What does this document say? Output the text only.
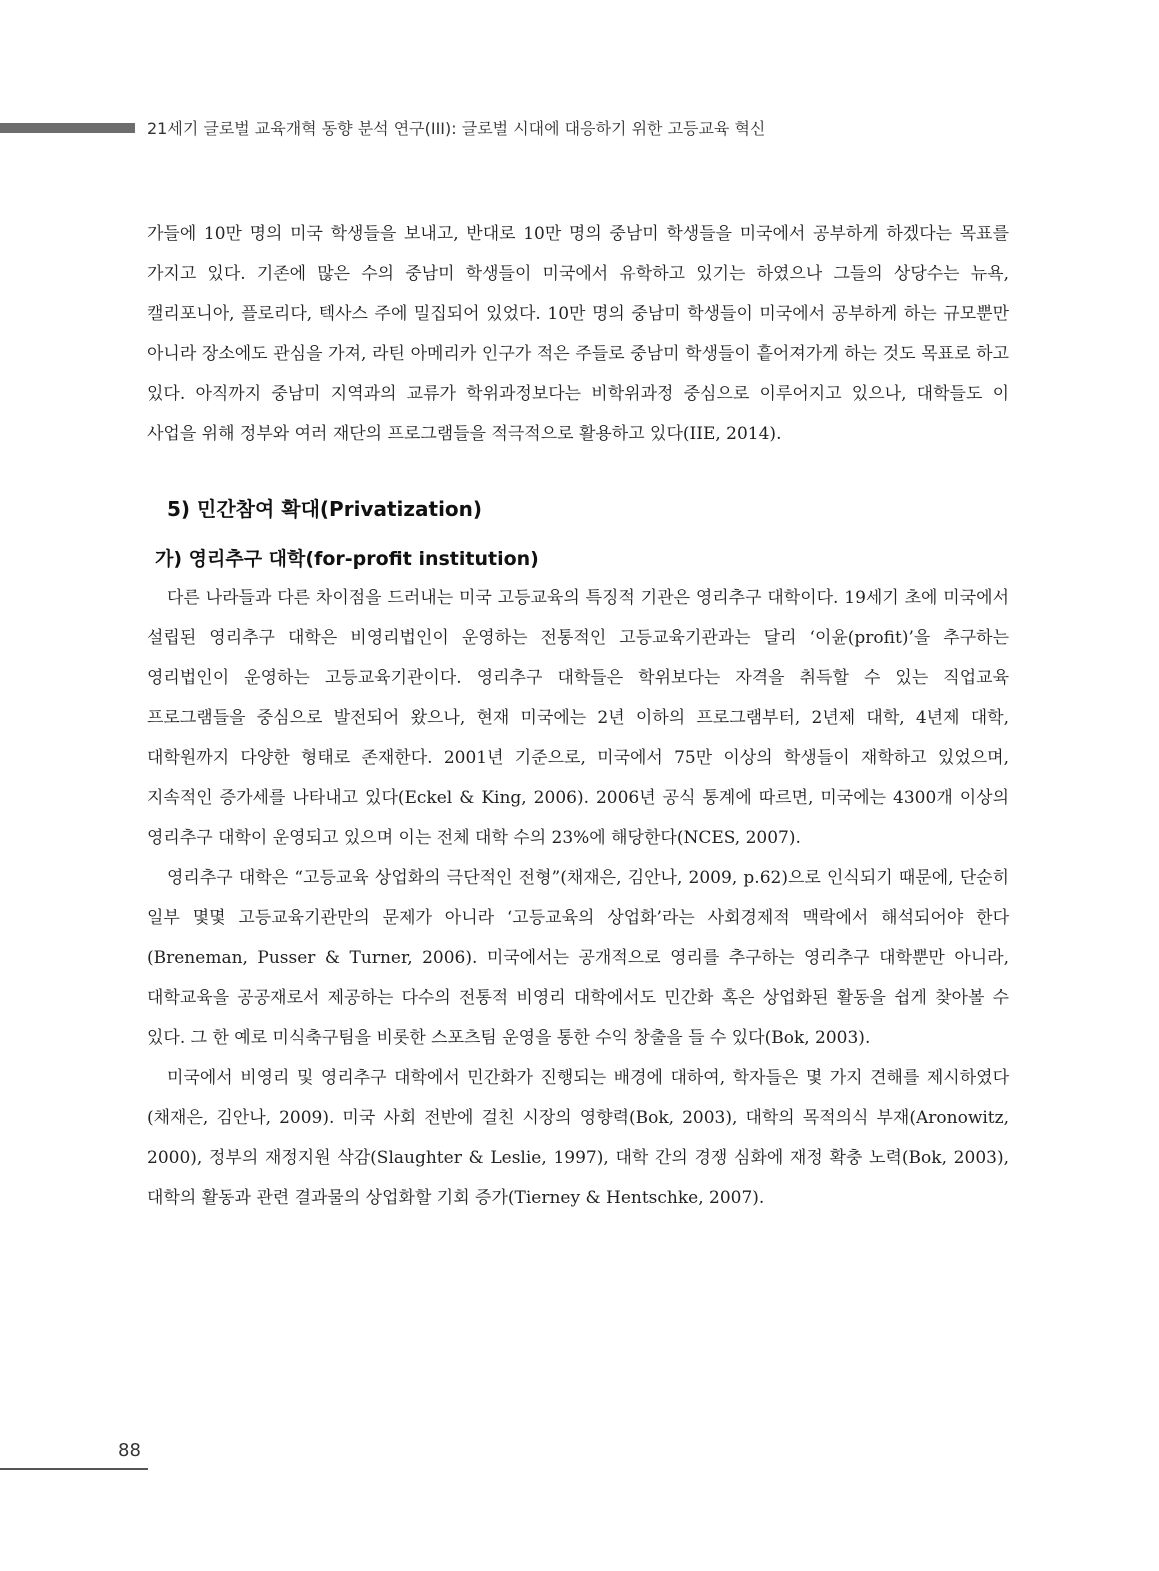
21세기 글로벌 교육개혁 동향 분석 연구(III): 글로벌 시대에 대응하기 위한 고등교육 혁신

가들에 10만 명의 미국 학생들을 보내고, 반대로 10만 명의 중남미 학생들을 미국에서 공부하게 하겠다는 목표를 가지고 있다. 기존에 많은 수의 중남미 학생들이 미국에서 유학하고 있기는 하였으나 그들의 상당수는 뉴욕, 캘리포니아, 플로리다, 텍사스 주에 밀집되어 있었다. 10만 명의 중남미 학생들이 미국에서 공부하게 하는 규모뿐만 아니라 장소에도 관심을 가져, 라틴 아메리카 인구가 적은 주들로 중남미 학생들이 흩어져가게 하는 것도 목표로 하고 있다. 아직까지 중남미 지역과의 교류가 학위과정보다는 비학위과정 중심으로 이루어지고 있으나, 대학들도 이 사업을 위해 정부와 여러 재단의 프로그램들을 적극적으로 활용하고 있다(IIE, 2014).

5) 민간참여 확대(Privatization)
가) 영리추구 대학(for-profit institution)

다른 나라들과 다른 차이점을 드러내는 미국 고등교육의 특징적 기관은 영리추구 대학이다. 19세기 초에 미국에서 설립된 영리추구 대학은 비영리법인이 운영하는 전통적인 고등교육기관과는 달리 ‘이윤(profit)’을 추구하는 영리법인이 운영하는 고등교육기관이다. 영리추구 대학들은 학위보다는 자격을 취득할 수 있는 직업교육 프로그램들을 중심으로 발전되어 왔으나, 현재 미국에는 2년 이하의 프로그램부터, 2년제 대학, 4년제 대학, 대학원까지 다양한 형태로 존재한다. 2001년 기준으로, 미국에서 75만 이상의 학생들이 재학하고 있었으며, 지속적인 증가세를 나타내고 있다(Eckel & King, 2006). 2006년 공식 통계에 따르면, 미국에는 4300개 이상의 영리추구 대학이 운영되고 있으며 이는 전체 대학 수의 23%에 해당한다(NCES, 2007).

영리추구 대학은 “고등교육 상업화의 극단적인 전형”(채재은, 김안나, 2009, p.62)으로 인식되기 때문에, 단순히 일부 몇몇 고등교육기관만의 문제가 아니라 ‘고등교육의 상업화’라는 사회경제적 맥락에서 해석되어야 한다(Breneman, Pusser & Turner, 2006). 미국에서는 공개적으로 영리를 추구하는 영리추구 대학뿐만 아니라, 대학교육을 공공재로서 제공하는 다수의 전통적 비영리 대학에서도 민간화 혹은 상업화된 활동을 쉽게 찾아볼 수 있다. 그 한 예로 미식축구팀을 비롯한 스포츠팀 운영을 통한 수익 창출을 들 수 있다(Bok, 2003).

미국에서 비영리 및 영리추구 대학에서 민간화가 진행되는 배경에 대하여, 학자들은 몇 가지 견해를 제시하였다(채재은, 김안나, 2009). 미국 사회 전반에 걸친 시장의 영향력(Bok, 2003), 대학의 목적의식 부재(Aronowitz, 2000), 정부의 재정지원 삭감(Slaughter & Leslie, 1997), 대학 간의 경쟁 심화에 재정 확충 노력(Bok, 2003), 대학의 활동과 관련 결과물의 상업화할 기회 증가(Tierney & Hentschke, 2007).

88
